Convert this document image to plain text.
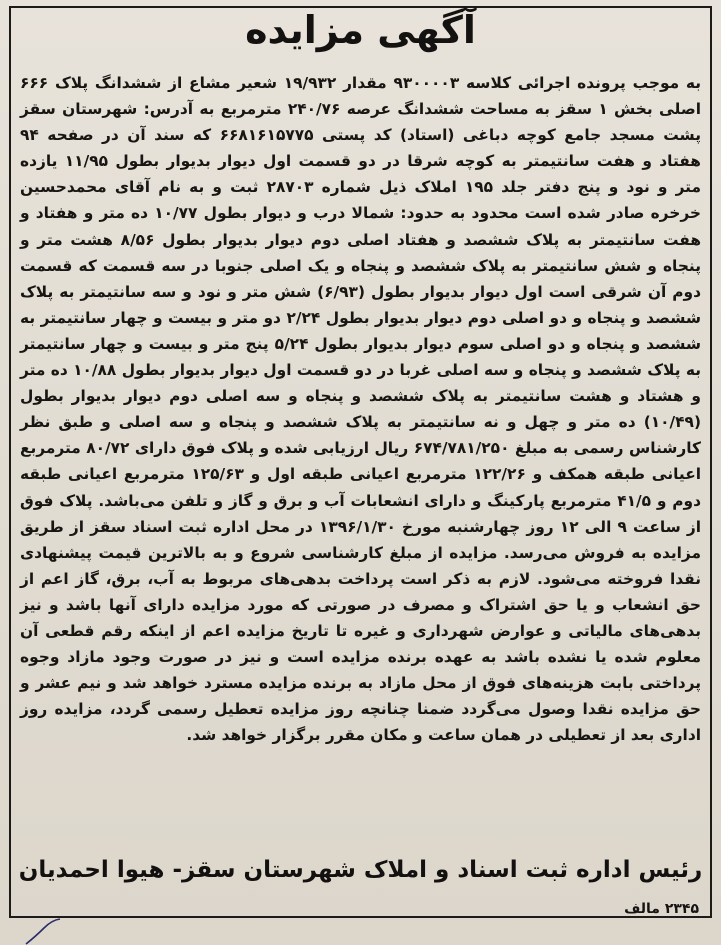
آگهی مزایده
به موجب پرونده اجرائی کلاسه ۹۳۰۰۰۰۳ مقدار ۱۹/۹۳۲ شعیر مشاع از ششدانگ پلاک ۶۶۶ اصلی بخش ۱ سقز به مساحت ششدانگ عرصه ۲۴۰/۷۶ مترمربع به آدرس: شهرستان سقز پشت مسجد جامع کوچه دباغی (استاد) کد پستی ۶۶۸۱۶۱۵۷۷۵ که سند آن در صفحه ۹۴ هفتاد و هفت سانتیمتر به کوچه شرقا در دو قسمت اول دیوار بدیوار بطول ۱۱/۹۵ یازده متر و نود و پنج دفتر جلد ۱۹۵ املاک ذیل شماره ۲۸۷۰۳ ثبت و به نام آقای محمدحسین خرخره صادر شده است محدود به حدود: شمالا درب و دیوار بطول ۱۰/۷۷ ده متر و هفتاد و هفت سانتیمتر به پلاک ششصد و هفتاد اصلی دوم دیوار بدیوار بطول ۸/۵۶ هشت متر و پنجاه و شش سانتیمتر به پلاک ششصد و پنجاه و یک اصلی جنوبا در سه قسمت که قسمت دوم آن شرقی است اول دیوار بدیوار بطول (۶/۹۳) شش متر و نود و سه سانتیمتر به پلاک ششصد و پنجاه و دو اصلی دوم دیوار بدیوار بطول ۲/۲۴ دو متر و بیست و چهار سانتیمتر به ششصد و پنجاه و دو اصلی سوم دیوار بدیوار بطول ۵/۲۴ پنج متر و بیست و چهار سانتیمتر به پلاک ششصد و پنجاه و سه اصلی غربا در دو قسمت اول دیوار بدیوار بطول ۱۰/۸۸ ده متر و هشتاد و هشت سانتیمتر به پلاک ششصد و پنجاه و سه اصلی دوم دیوار بدیوار بطول (۱۰/۴۹) ده متر و چهل و نه سانتیمتر به پلاک ششصد و پنجاه و سه اصلی و طبق نظر کارشناس رسمی به مبلغ ۶۷۴/۷۸۱/۲۵۰ ریال ارزیابی شده و پلاک فوق دارای ۸۰/۷۲ مترمربع اعیانی طبقه همکف و ۱۲۲/۲۶ مترمربع اعیانی طبقه اول و ۱۲۵/۶۳ مترمربع اعیانی طبقه دوم و ۴۱/۵ مترمربع پارکینگ و دارای انشعابات آب و برق و گاز و تلفن می‌باشد. پلاک فوق از ساعت ۹ الی ۱۲ روز چهارشنبه مورخ ۱۳۹۶/۱/۳۰ در محل اداره ثبت اسناد سقز از طریق مزایده به فروش می‌رسد. مزایده از مبلغ کارشناسی شروع و به بالاترین قیمت پیشنهادی نقدا فروخته می‌شود. لازم به ذکر است پرداخت بدهی‌های مربوط به آب، برق، گاز اعم از حق انشعاب و یا حق اشتراک و مصرف در صورتی که مورد مزایده دارای آنها باشد و نیز بدهی‌های مالیاتی و عوارض شهرداری و غیره تا تاریخ مزایده اعم از اینکه رقم قطعی آن معلوم شده یا نشده باشد به عهده برنده مزایده است و نیز در صورت وجود مازاد وجوه پرداختی بابت هزینه‌های فوق از محل مازاد به برنده مزایده مسترد خواهد شد و نیم عشر و حق مزایده نقدا وصول می‌گردد ضمنا چنانچه روز مزایده تعطیل رسمی گردد، مزایده روز اداری بعد از تعطیلی در همان ساعت و مکان مقرر برگزار خواهد شد.
رئیس اداره ثبت اسناد و املاک شهرستان سقز- هیوا احمدیان
۲۳۴۵ مالف
